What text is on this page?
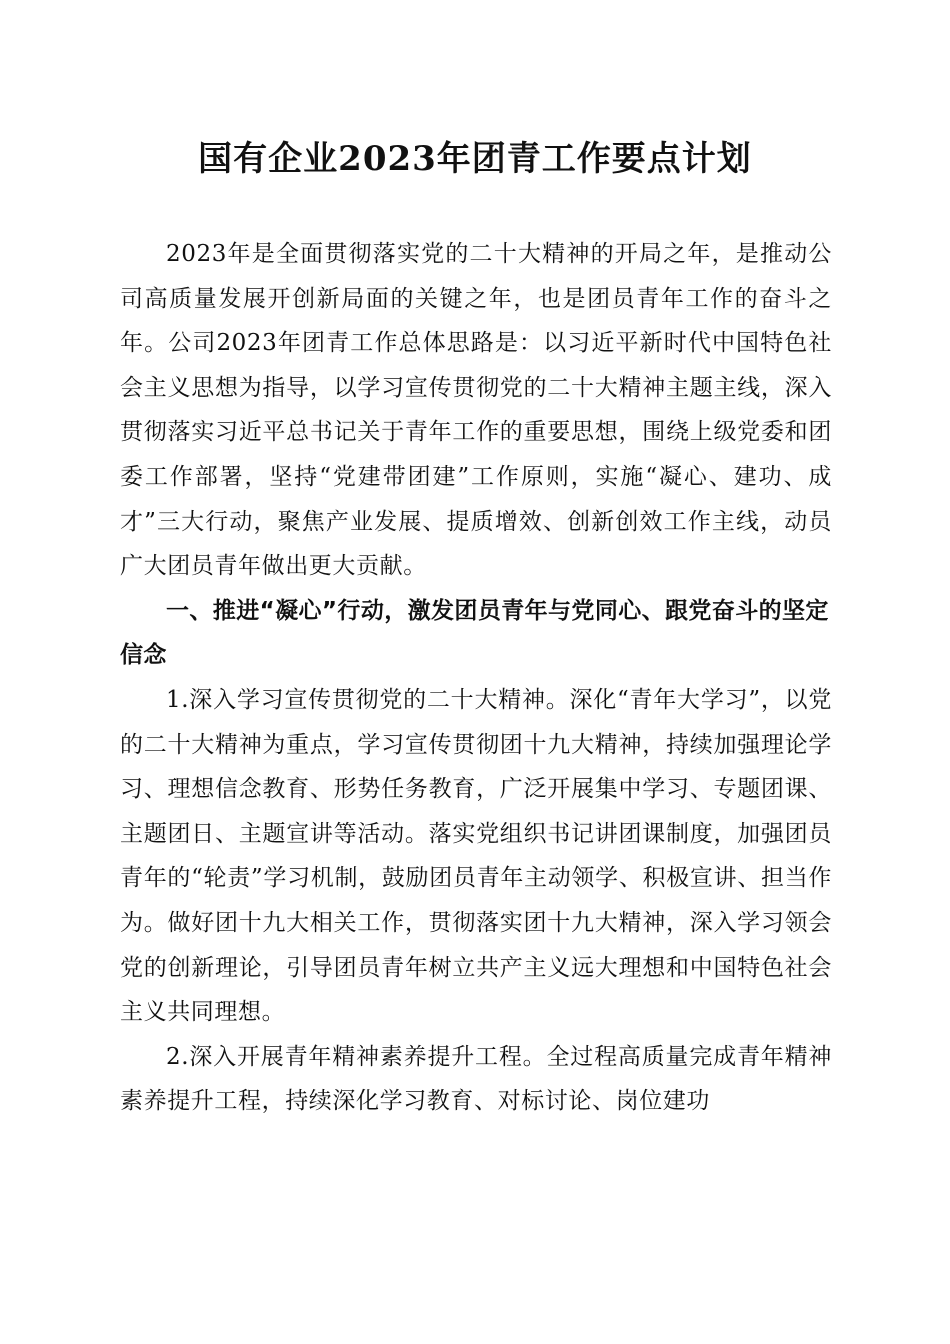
国有企业2023年团青工作要点计划

2023年是全面贯彻落实党的二十大精神的开局之年，是推动公司高质量发展开创新局面的关键之年，也是团员青年工作的奋斗之年。公司2023年团青工作总体思路是：以习近平新时代中国特色社会主义思想为指导，以学习宣传贯彻党的二十大精神主题主线，深入贯彻落实习近平总书记关于青年工作的重要思想，围绕上级党委和团委工作部署，坚持“党建带团建”工作原则，实施“凝心、建功、成才”三大行动，聚焦产业发展、提质增效、创新创效工作主线，动员广大团员青年做出更大贡献。

一、推进“凝心”行动，激发团员青年与党同心、跟党奋斗的坚定信念

1.深入学习宣传贯彻党的二十大精神。深化“青年大学习”，以党的二十大精神为重点，学习宣传贯彻团十九大精神，持续加强理论学习、理想信念教育、形势任务教育，广泛开展集中学习、专题团课、主题团日、主题宣讲等活动。落实党组织书记讲团课制度，加强团员青年的“轮责”学习机制，鼓励团员青年主动领学、积极宣讲、担当作为。做好团十九大相关工作，贯彻落实团十九大精神，深入学习领会党的创新理论，引导团员青年树立共产主义远大理想和中国特色社会主义共同理想。

2.深入开展青年精神素养提升工程。全过程高质量完成青年精神素养提升工程，持续深化学习教育、对标讨论、岗位建功
